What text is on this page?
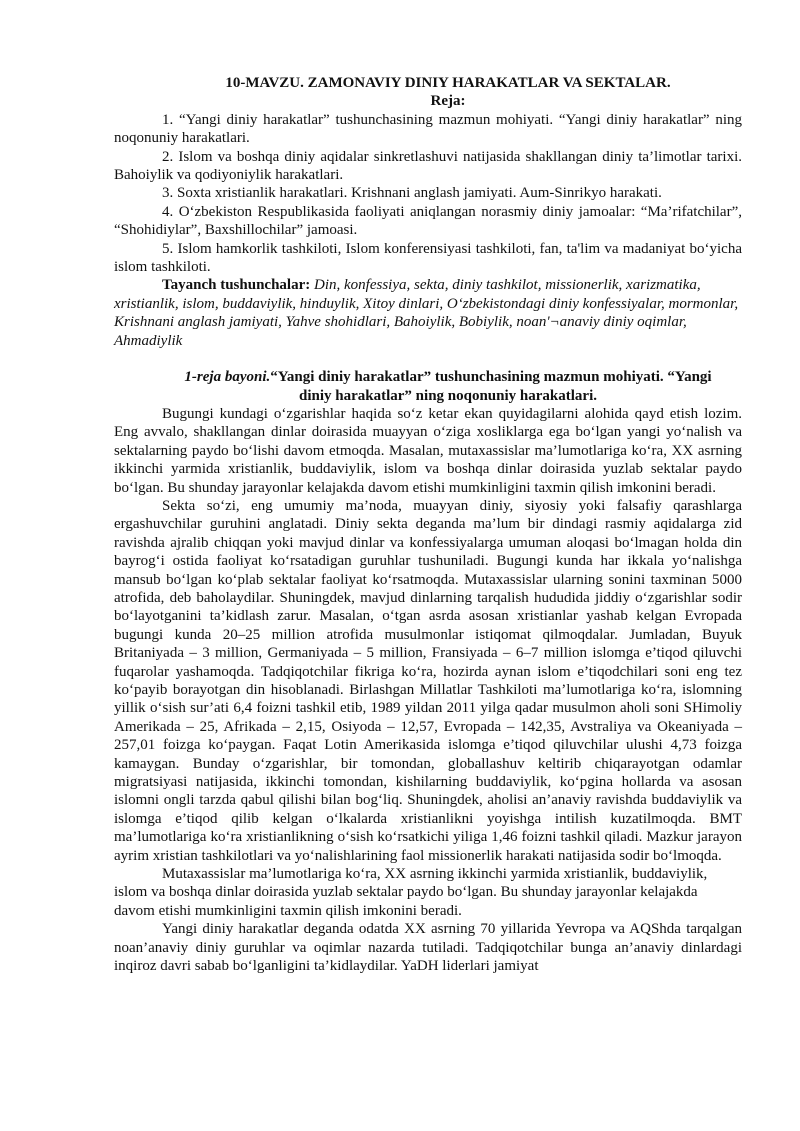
10-MAVZU. ZAMONAVIY DINIY HARAKATLAR VA SEKTALAR.
Reja:

1. “Yangi diniy harakatlar” tushunchasining mazmun mohiyati. “Yangi diniy harakatlar” ning noqonuniy harakatlari.

2. Islom va boshqa diniy aqidalar sinkretlashuvi natijasida shakllangan diniy ta’limotlar tarixi. Bahoiylik va qodiyoniylik harakatlari.

3. Soxta xristianlik harakatlari. Krishnani anglash jamiyati. Aum-Sinrikyo harakati.

4. O‘zbekiston Respublikasida faoliyati aniqlangan norasmiy diniy jamoalar: “Ma’rifatchilar”, “Shohidiylar”, Baxshillochilar” jamoasi.

5. Islom hamkorlik tashkiloti, Islom konferensiyasi tashkiloti, fan, ta'lim va madaniyat bo‘yicha islom tashkiloti.

Tayanch tushunchalar: Din, konfessiya, sekta, diniy tashkilot, missionerlik, xarizmatika, xristianlik, islom, buddaviylik, hinduylik, Xitoy dinlari, O‘zbekistondagi diniy konfessiyalar, mormonlar, Krishnani anglash jamiyati, Yahve shohidlari, Bahoiylik, Bobiylik, noan'¬anaviy diniy oqimlar, Ahmadiylik

1-reja bayoni.“Yangi diniy harakatlar” tushunchasining mazmun mohiyati. “Yangi diniy harakatlar” ning noqonuniy harakatlari.

Bugungi kundagi o‘zgarishlar haqida so‘z ketar ekan quyidagilarni alohida qayd etish lozim. Eng avvalo, shakllangan dinlar doirasida muayyan o‘ziga xosliklarga ega bo‘lgan yangi yo‘nalish va sektalarning paydo bo‘lishi davom etmoqda. Masalan, mutaxassislar ma’lumotlariga ko‘ra, XX asrning ikkinchi yarmida xristianlik, buddaviylik, islom va boshqa dinlar doirasida yuzlab sektalar paydo bo‘lgan. Bu shunday jarayonlar kelajakda davom etishi mumkinligini taxmin qilish imkonini beradi.

Sekta so‘zi, eng umumiy ma’noda, muayyan diniy, siyosiy yoki falsafiy qarashlarga ergashuvchilar guruhini anglatadi. Diniy sekta deganda ma’lum bir dindagi rasmiy aqidalarga zid ravishda ajralib chiqqan yoki mavjud dinlar va konfessiyalarga umuman aloqasi bo‘lmagan holda din bayrog‘i ostida faoliyat ko‘rsatadigan guruhlar tushuniladi. Bugungi kunda har ikkala yo‘nalishga mansub bo‘lgan ko‘plab sektalar faoliyat ko‘rsatmoqda. Mutaxassislar ularning sonini taxminan 5000 atrofida, deb baholaydilar. Shuningdek, mavjud dinlarning tarqalish hududida jiddiy o‘zgarishlar sodir bo‘layotganini ta’kidlash zarur. Masalan, o‘tgan asrda asosan xristianlar yashab kelgan Evropada bugungi kunda 20–25 million atrofida musulmonlar istiqomat qilmoqdalar. Jumladan, Buyuk Britaniyada – 3 million, Germaniyada – 5 million, Fransiyada – 6–7 million islomga e’tiqod qiluvchi fuqarolar yashamoqda. Tadqiqotchilar fikriga ko‘ra, hozirda aynan islom e’tiqodchilari soni eng tez ko‘payib borayotgan din hisoblanadi. Birlashgan Millatlar Tashkiloti ma’lumotlariga ko‘ra, islomning yillik o‘sish sur’ati 6,4 foizni tashkil etib, 1989 yildan 2011 yilga qadar musulmon aholi soni SHimoliy Amerikada – 25, Afrikada – 2,15, Osiyoda – 12,57, Evropada – 142,35, Avstraliya va Okeaniyada – 257,01 foizga ko‘paygan. Faqat Lotin Amerikasida islomga e’tiqod qiluvchilar ulushi 4,73 foizga kamaygan. Bunday o‘zgarishlar, bir tomondan, globallashuv keltirib chiqarayotgan odamlar migratsiyasi natijasida, ikkinchi tomondan, kishilarning buddaviylik, ko‘pgina hollarda va asosan islomni ongli tarzda qabul qilishi bilan bog‘liq. Shuningdek, aholisi an’anaviy ravishda buddaviylik va islomga e’tiqod qilib kelgan o‘lkalarda xristianlikni yoyishga intilish kuzatilmoqda. BMT ma’lumotlariga ko‘ra xristianlikning o‘sish ko‘rsatkichi yiliga 1,46 foizni tashkil qiladi. Mazkur jarayon ayrim xristian tashkilotlari va yo‘nalishlarining faol missionerlik harakati natijasida sodir bo‘lmoqda.

Mutaxassislar ma’lumotlariga ko‘ra, XX asrning ikkinchi yarmida xristianlik, buddaviylik, islom va boshqa dinlar doirasida yuzlab sektalar paydo bo‘lgan. Bu shunday jarayonlar kelajakda davom etishi mumkinligini taxmin qilish imkonini beradi.

Yangi diniy harakatlar deganda odatda XX asrning 70 yillarida Yevropa va AQShda tarqalgan noan’anaviy diniy guruhlar va oqimlar nazarda tutiladi. Tadqiqotchilar bunga an’anaviy dinlardagi inqiroz davri sabab bo‘lganligini ta’kidlaydilar. YaDH liderlari jamiyat
